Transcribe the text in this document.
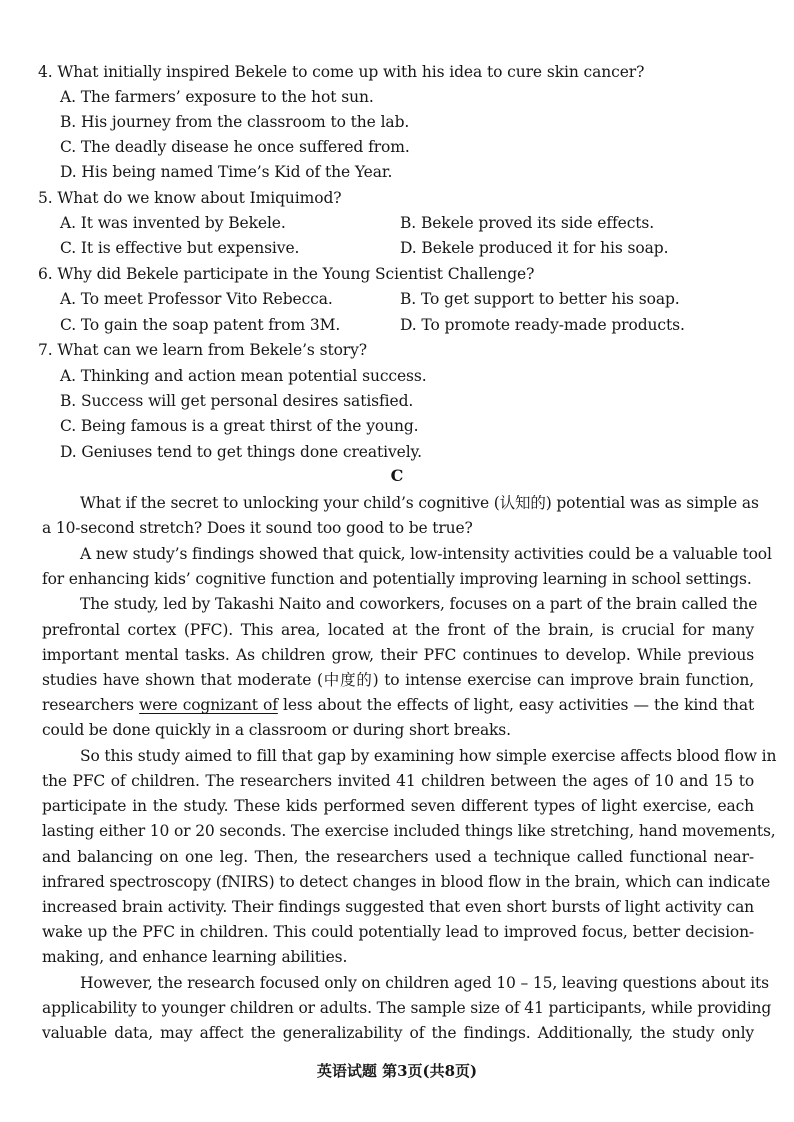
4. What initially inspired Bekele to come up with his idea to cure skin cancer?
A. The farmers’ exposure to the hot sun.
B. His journey from the classroom to the lab.
C. The deadly disease he once suffered from.
D. His being named Time’s Kid of the Year.
5. What do we know about Imiquimod?
A. It was invented by Bekele.	B. Bekele proved its side effects.
C. It is effective but expensive.	D. Bekele produced it for his soap.
6. Why did Bekele participate in the Young Scientist Challenge?
A. To meet Professor Vito Rebecca.	B. To get support to better his soap.
C. To gain the soap patent from 3M.	D. To promote ready-made products.
7. What can we learn from Bekele’s story?
A. Thinking and action mean potential success.
B. Success will get personal desires satisfied.
C. Being famous is a great thirst of the young.
D. Geniuses tend to get things done creatively.
C
What if the secret to unlocking your child’s cognitive (认知的) potential was as simple as
a 10-second stretch? Does it sound too good to be true?
A new study’s findings showed that quick, low-intensity activities could be a valuable tool
for enhancing kids’ cognitive function and potentially improving learning in school settings.
The study, led by Takashi Naito and coworkers, focuses on a part of the brain called the
prefrontal cortex (PFC). This area, located at the front of the brain, is crucial for many
important mental tasks. As children grow, their PFC continues to develop. While previous
studies have shown that moderate (中度的) to intense exercise can improve brain function,
researchers were cognizant of less about the effects of light, easy activities — the kind that
could be done quickly in a classroom or during short breaks.
So this study aimed to fill that gap by examining how simple exercise affects blood flow in
the PFC of children. The researchers invited 41 children between the ages of 10 and 15 to
participate in the study. These kids performed seven different types of light exercise, each
lasting either 10 or 20 seconds. The exercise included things like stretching, hand movements,
and balancing on one leg. Then, the researchers used a technique called functional near-
infrared spectroscopy (fNIRS) to detect changes in blood flow in the brain, which can indicate
increased brain activity. Their findings suggested that even short bursts of light activity can
wake up the PFC in children. This could potentially lead to improved focus, better decision-
making, and enhance learning abilities.
However, the research focused only on children aged 10 – 15, leaving questions about its
applicability to younger children or adults. The sample size of 41 participants, while providing
valuable data, may affect the generalizability of the findings. Additionally, the study only
英语试题 第3页(共8页)
